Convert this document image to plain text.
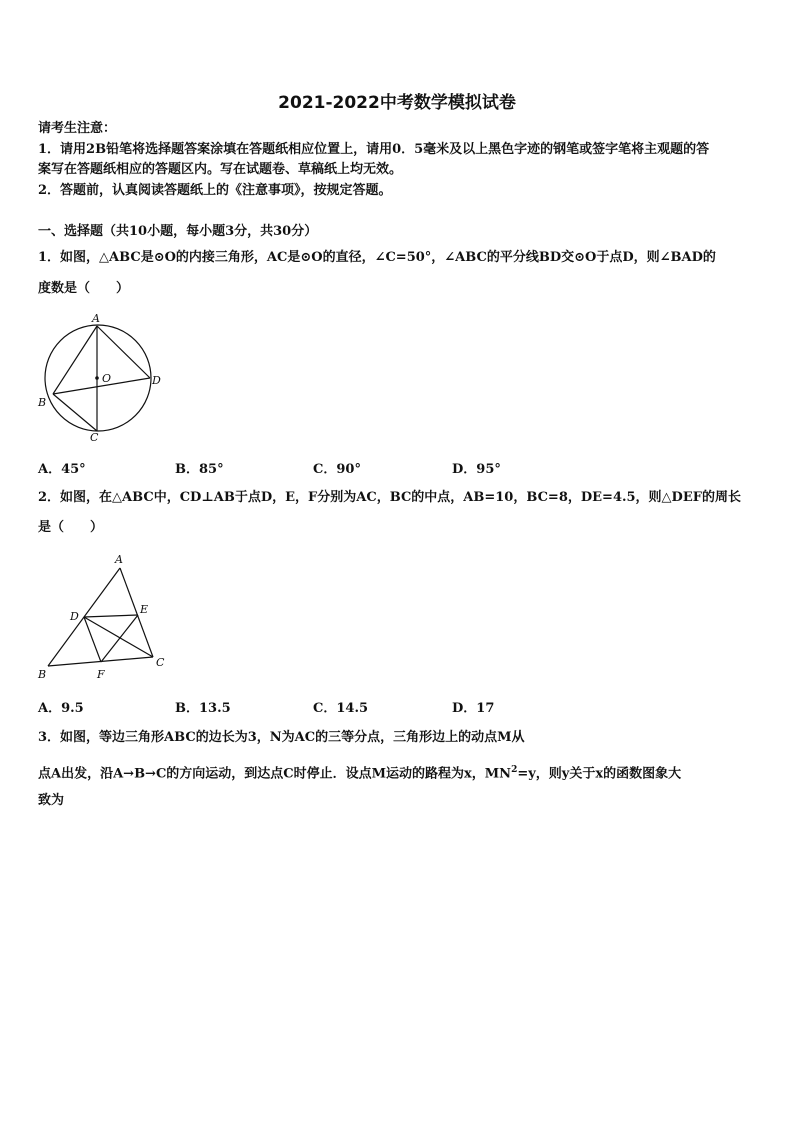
2021-2022中考数学模拟试卷
请考生注意：
1．请用2B铅笔将选择题答案涂填在答题纸相应位置上，请用0．5毫米及以上黑色字迹的钢笔或签字笔将主观题的答
案写在答题纸相应的答题区内。写在试题卷、草稿纸上均无效。
2．答题前，认真阅读答题纸上的《注意事项》，按规定答题。
一、选择题（共10小题，每小题3分，共30分）
1．如图，△ABC是⊙O的内接三角形，AC是⊙O的直径，∠C=50°，∠ABC的平分线BD交⊙O于点D，则∠BAD的
度数是（　　）
A
B
C
D
O
A．45°	B．85°	C．90°	D．95°
2．如图，在△ABC中，CD⊥AB于点D，E，F分别为AC，BC的中点，AB=10，BC=8，DE=4.5，则△DEF的周长
是（　　）
A
B
C
D
E
F
A．9.5	B．13.5	C．14.5	D．17
3．如图，等边三角形ABC的边长为3，N为AC的三等分点，三角形边上的动点M从
点A出发，沿A→B→C的方向运动，到达点C时停止．设点M运动的路程为x，$MN^2=y$，则y关于x的函数图象大
致为
